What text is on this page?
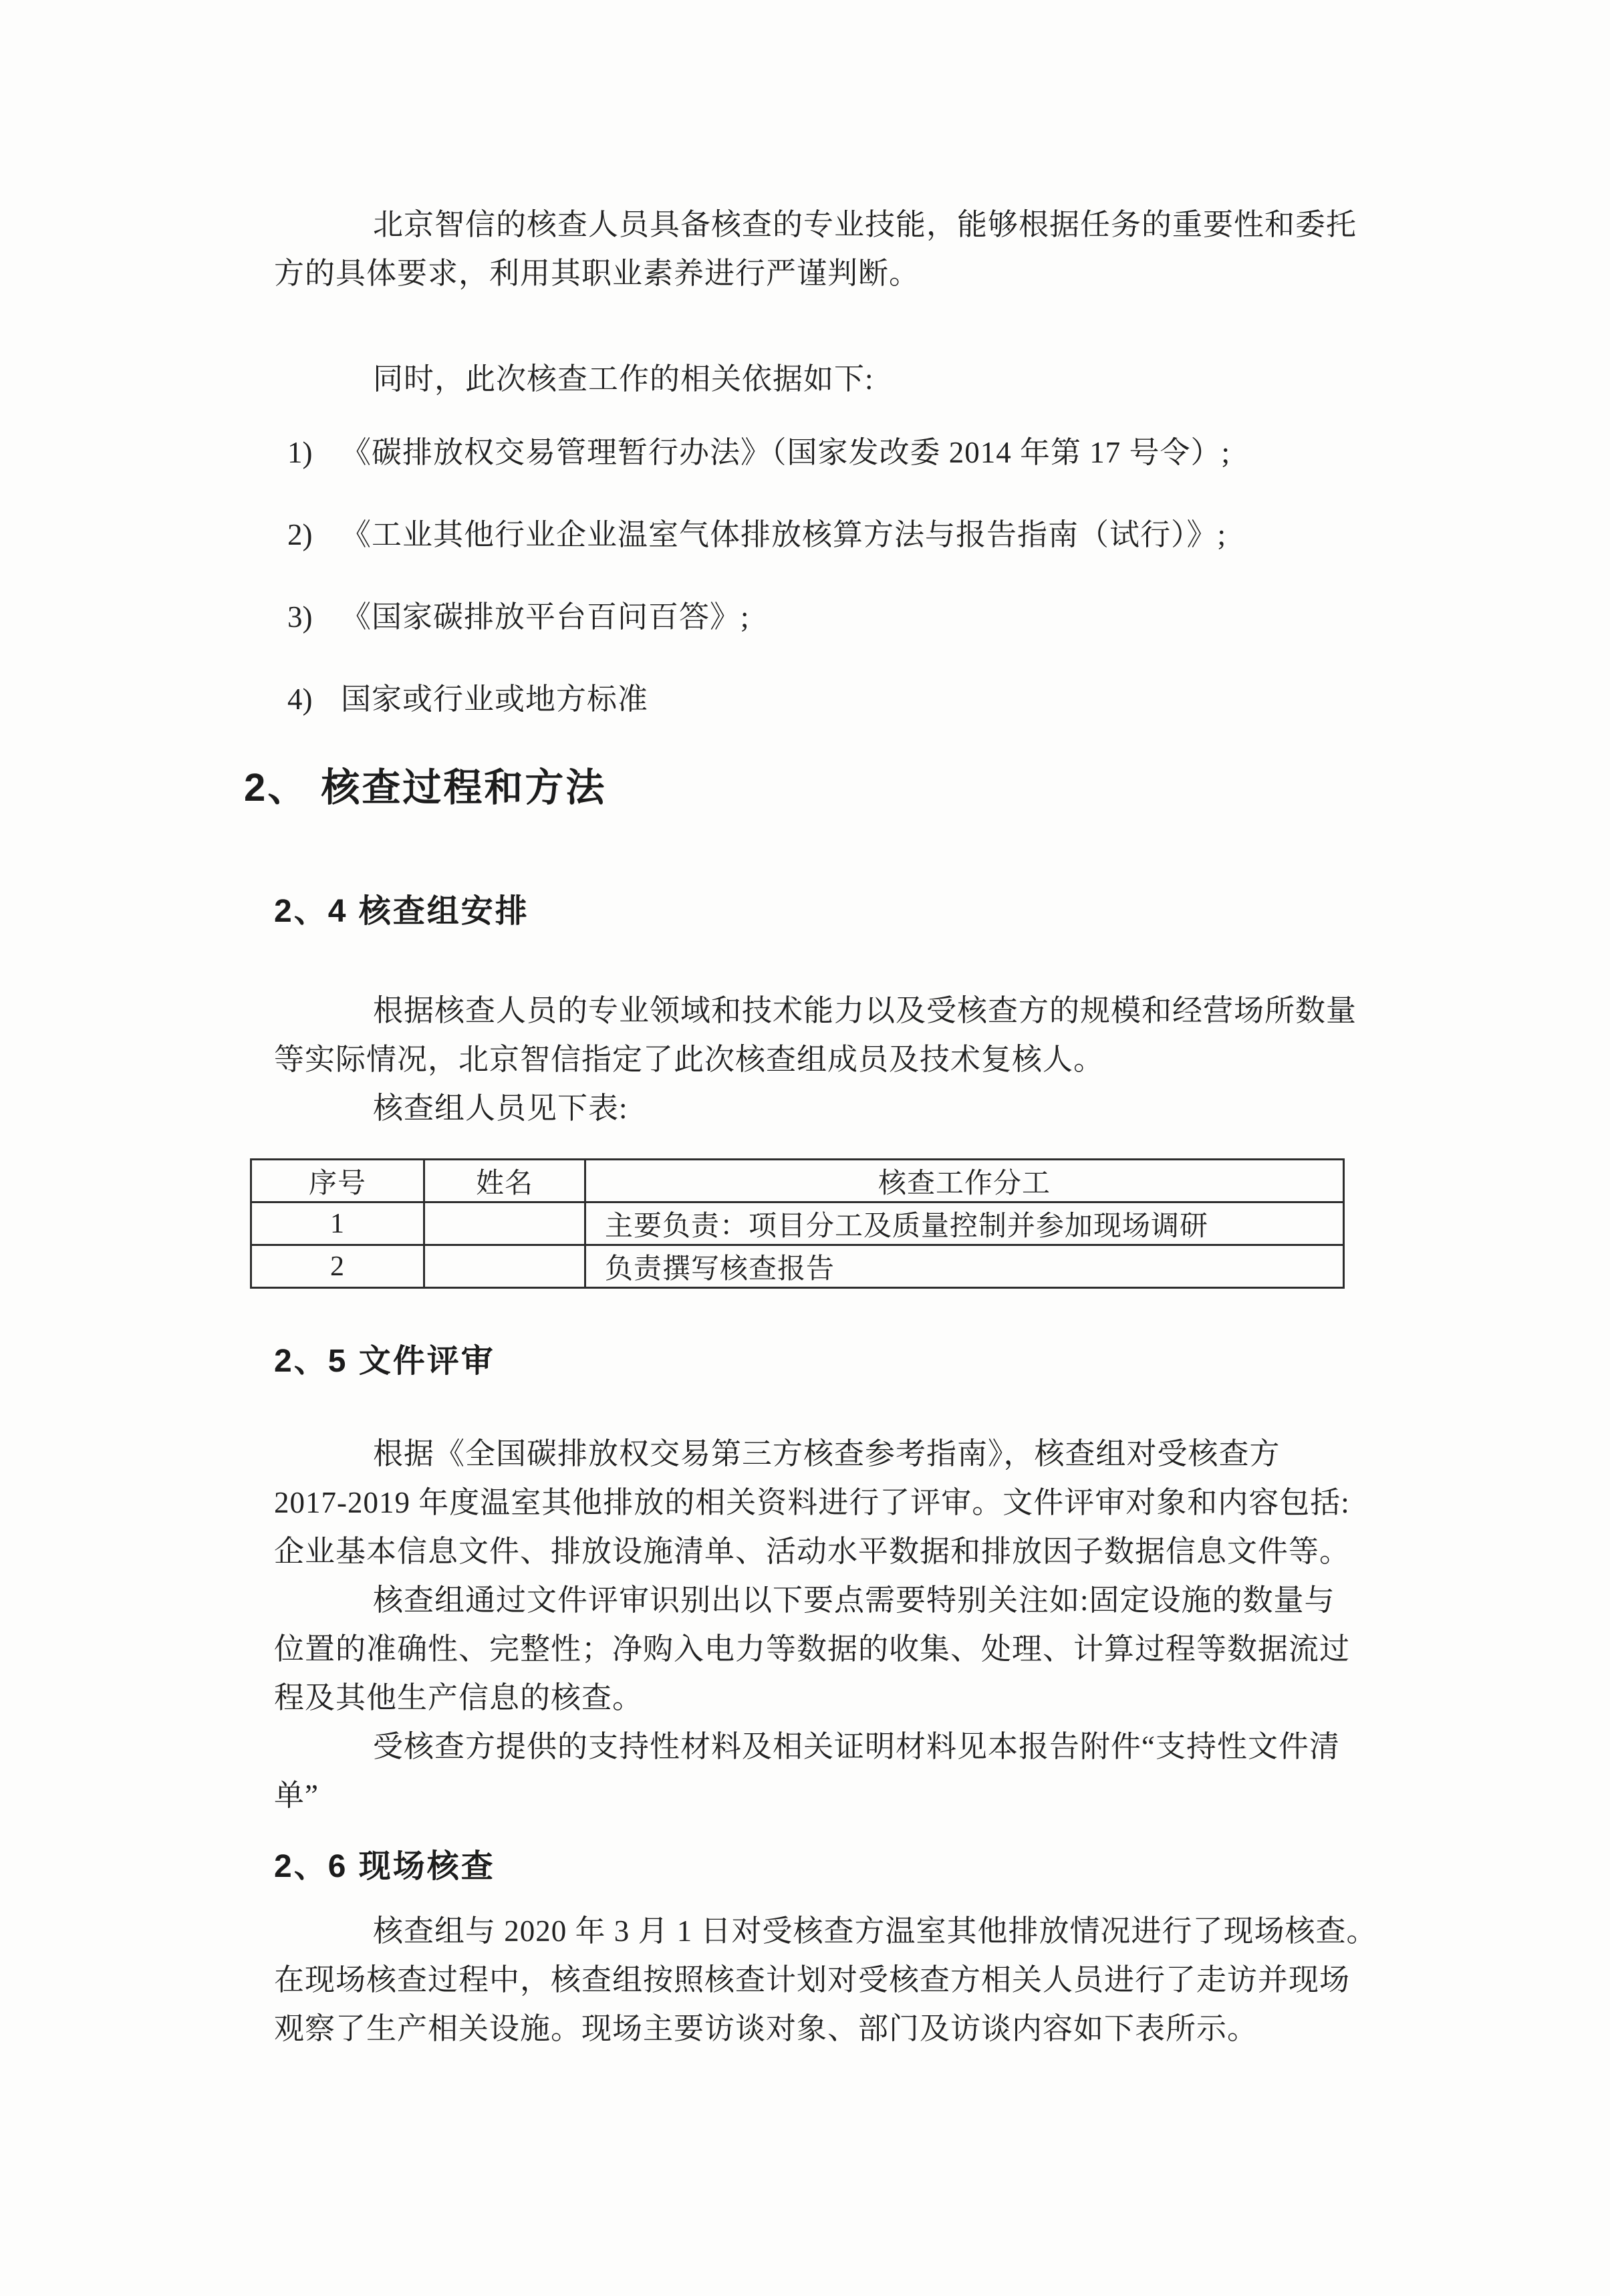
北京智信的核查人员具备核查的专业技能，能够根据任务的重要性和委托
方的具体要求，利用其职业素养进行严谨判断。
同时，此次核查工作的相关依据如下:
1) 《碳排放权交易管理暂行办法》（国家发改委 2014 年第 17 号令）;
2) 《工业其他行业企业温室气体排放核算方法与报告指南（试行）》;
3) 《国家碳排放平台百问百答》;
4) 国家或行业或地方标准
2、 核查过程和方法
2、4 核查组安排
根据核查人员的专业领域和技术能力以及受核查方的规模和经营场所数量
等实际情况，北京智信指定了此次核查组成员及技术复核人。
核查组人员见下表:
序号	姓名	核查工作分工
1		主要负责：项目分工及质量控制并参加现场调研
2		负责撰写核查报告
2、5 文件评审
根据《全国碳排放权交易第三方核查参考指南》，核查组对受核查方
2017-2019 年度温室其他排放的相关资料进行了评审。文件评审对象和内容包括:
企业基本信息文件、排放设施清单、活动水平数据和排放因子数据信息文件等。
核查组通过文件评审识别出以下要点需要特别关注如:固定设施的数量与
位置的准确性、完整性；净购入电力等数据的收集、处理、计算过程等数据流过
程及其他生产信息的核查。
受核查方提供的支持性材料及相关证明材料见本报告附件“支持性文件清
单”
2、6 现场核查
核查组与 2020 年 3 月 1 日对受核查方温室其他排放情况进行了现场核查。
在现场核查过程中，核查组按照核查计划对受核查方相关人员进行了走访并现场
观察了生产相关设施。现场主要访谈对象、部门及访谈内容如下表所示。
